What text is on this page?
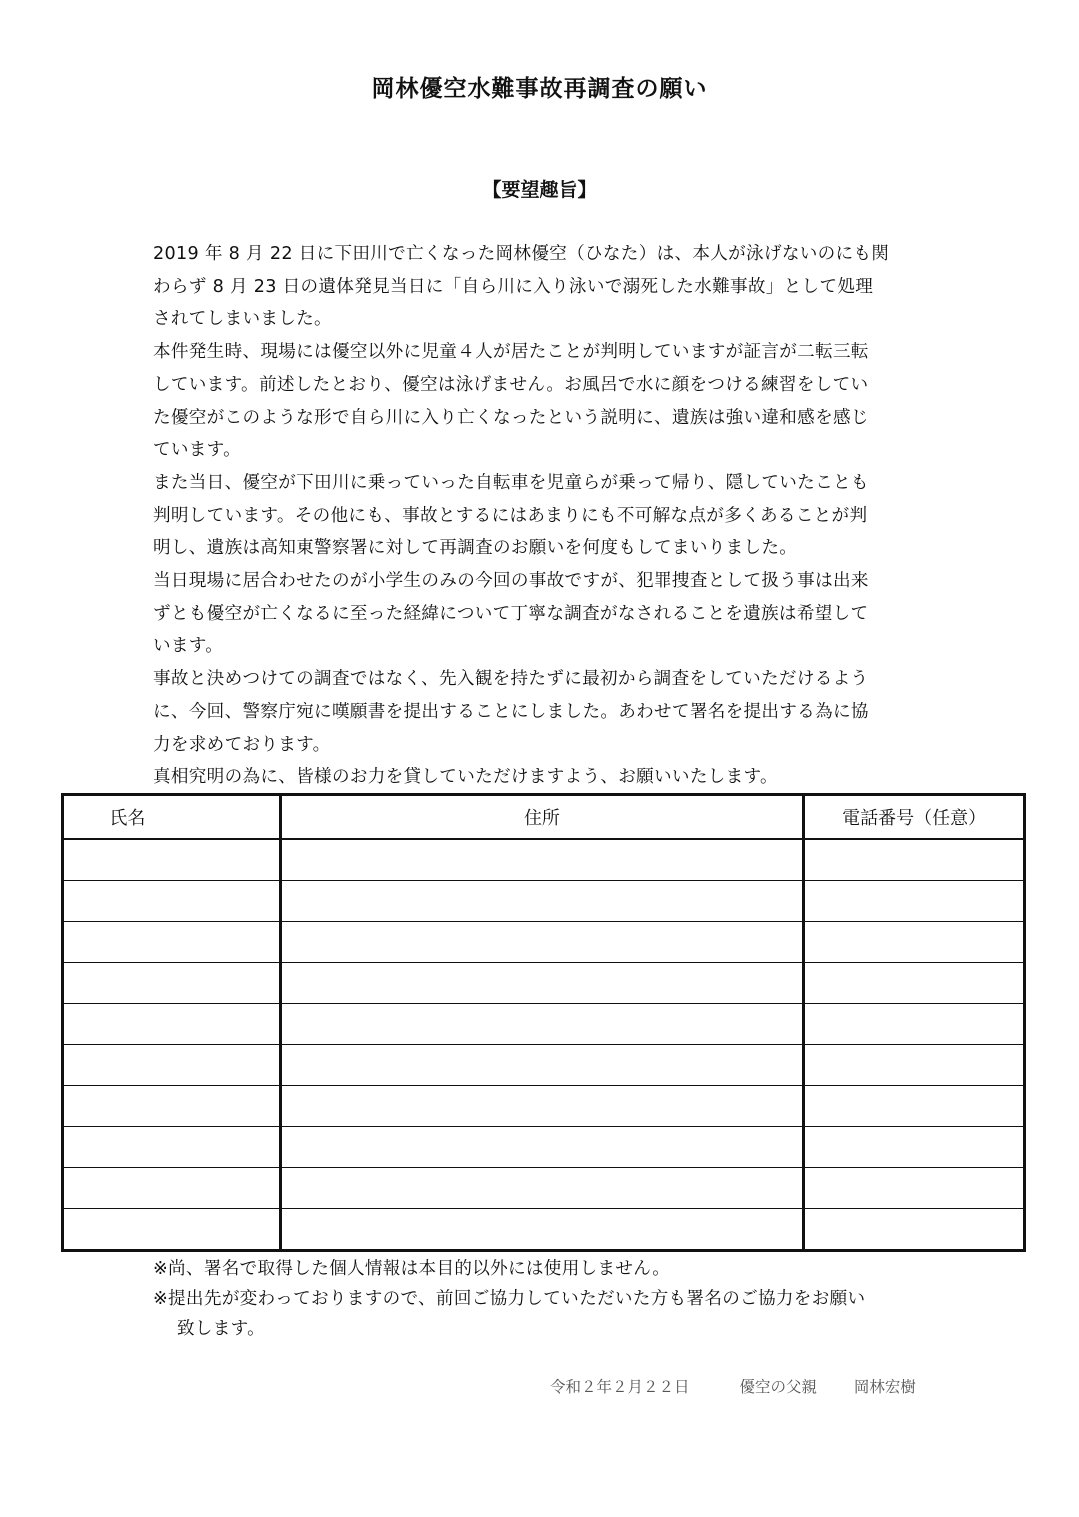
岡林優空水難事故再調査の願い
【要望趣旨】

2019 年 8 月 22 日に下田川で亡くなった岡林優空（ひなた）は、本人が泳げないのにも関
わらず 8 月 23 日の遺体発見当日に「自ら川に入り泳いで溺死した水難事故」として処理
されてしまいました。

本件発生時、現場には優空以外に児童４人が居たことが判明していますが証言が二転三転
しています。前述したとおり、優空は泳げません。お風呂で水に顔をつける練習をしてい
た優空がこのような形で自ら川に入り亡くなったという説明に、遺族は強い違和感を感じ
ています。

また当日、優空が下田川に乗っていった自転車を児童らが乗って帰り、隠していたことも
判明しています。その他にも、事故とするにはあまりにも不可解な点が多くあることが判
明し、遺族は高知東警察署に対して再調査のお願いを何度もしてまいりました。

当日現場に居合わせたのが小学生のみの今回の事故ですが、犯罪捜査として扱う事は出来
ずとも優空が亡くなるに至った経緯について丁寧な調査がなされることを遺族は希望して
います。

事故と決めつけての調査ではなく、先入観を持たずに最初から調査をしていただけるよう
に、今回、警察庁宛に嘆願書を提出することにしました。あわせて署名を提出する為に協
力を求めております。

真相究明の為に、皆様のお力を貸していただけますよう、お願いいたします。

氏名	住所	電話番号（任意）

※尚、署名で取得した個人情報は本目的以外には使用しません。

※提出先が変わっておりますので、前回ご協力していただいた方も署名のご協力をお願い

致します。

令和２年２月２２日	優空の父親 岡林宏樹
